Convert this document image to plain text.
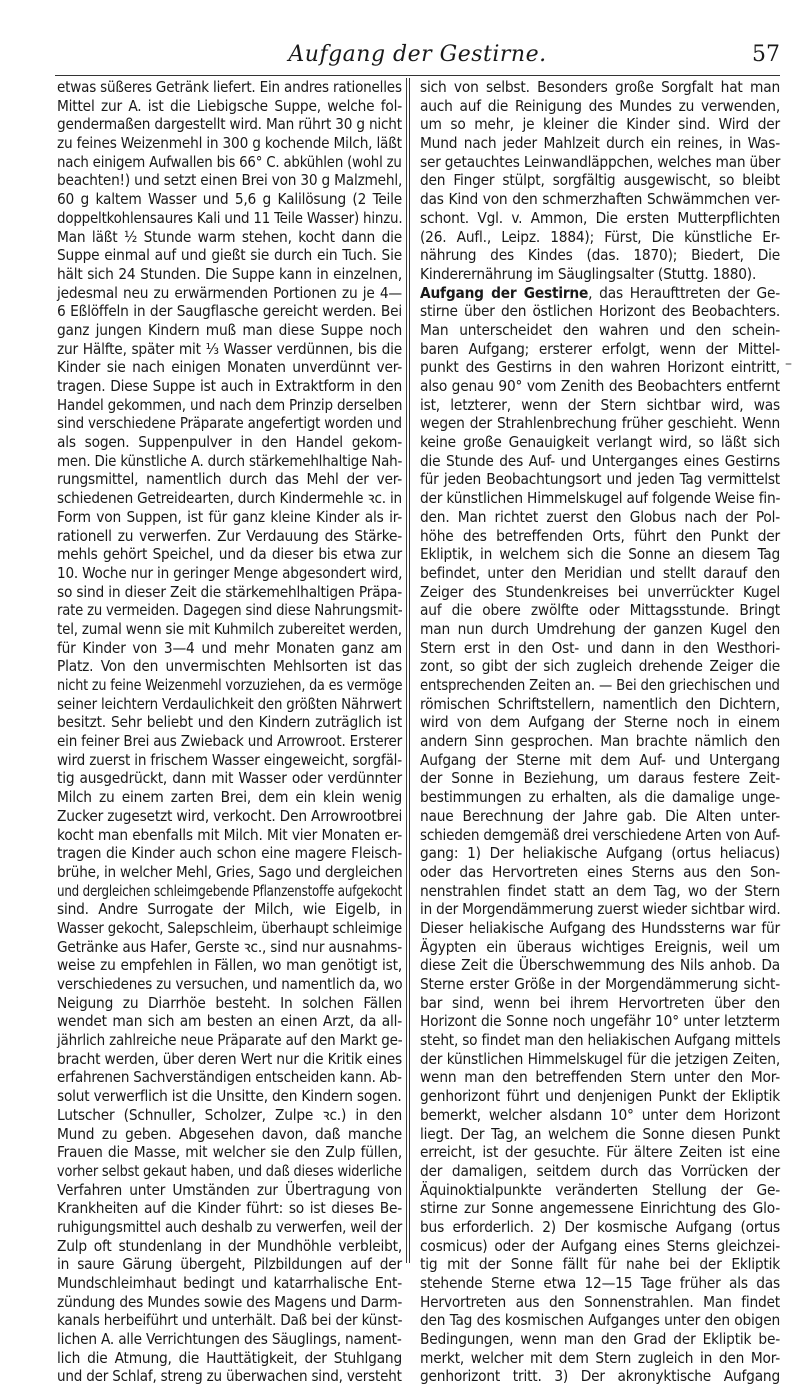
Aufgang der Gestirne.	57
etwas süßeres Getränk liefert. Ein andres rationelles
Mittel zur A. ist die Liebigsche Suppe, welche fol-
gendermaßen dargestellt wird. Man rührt 30 g nicht
zu feines Weizenmehl in 300 g kochende Milch, läßt
nach einigem Aufwallen bis 66° C. abkühlen (wohl zu
beachten!) und setzt einen Brei von 30 g Malzmehl,
60 g kaltem Wasser und 5,6 g Kalilösung (2 Teile
doppeltkohlensaures Kali und 11 Teile Wasser) hinzu.
Man läßt ½ Stunde warm stehen, kocht dann die
Suppe einmal auf und gießt sie durch ein Tuch. Sie
hält sich 24 Stunden. Die Suppe kann in einzelnen,
jedesmal neu zu erwärmenden Portionen zu je 4—
6 Eßlöffeln in der Saugflasche gereicht werden. Bei
ganz jungen Kindern muß man diese Suppe noch
zur Hälfte, später mit ⅓ Wasser verdünnen, bis die
Kinder sie nach einigen Monaten unverdünnt ver-
tragen. Diese Suppe ist auch in Extraktform in den
Handel gekommen, und nach dem Prinzip derselben
sind verschiedene Präparate angefertigt worden und
als sogen. Suppenpulver in den Handel gekom-
men. Die künstliche A. durch stärkemehlhaltige Nah-
rungsmittel, namentlich durch das Mehl der ver-
schiedenen Getreidearten, durch Kindermehle ꝛc. in
Form von Suppen, ist für ganz kleine Kinder als ir-
rationell zu verwerfen. Zur Verdauung des Stärke-
mehls gehört Speichel, und da dieser bis etwa zur
10. Woche nur in geringer Menge abgesondert wird,
so sind in dieser Zeit die stärkemehlhaltigen Präpa-
rate zu vermeiden. Dagegen sind diese Nahrungsmit-
tel, zumal wenn sie mit Kuhmilch zubereitet werden,
für Kinder von 3—4 und mehr Monaten ganz am
Platz. Von den unvermischten Mehlsorten ist das
nicht zu feine Weizenmehl vorzuziehen, da es vermöge
seiner leichtern Verdaulichkeit den größten Nährwert
besitzt. Sehr beliebt und den Kindern zuträglich ist
ein feiner Brei aus Zwieback und Arrowroot. Ersterer
wird zuerst in frischem Wasser eingeweicht, sorgfäl-
tig ausgedrückt, dann mit Wasser oder verdünnter
Milch zu einem zarten Brei, dem ein klein wenig
Zucker zugesetzt wird, verkocht. Den Arrowrootbrei
kocht man ebenfalls mit Milch. Mit vier Monaten er-
tragen die Kinder auch schon eine magere Fleisch-
brühe, in welcher Mehl, Gries, Sago und dergleichen
und dergleichen schleimgebende Pflanzenstoffe aufgekocht
sind. Andre Surrogate der Milch, wie Eigelb, in
Wasser gekocht, Salepschleim, überhaupt schleimige
Getränke aus Hafer, Gerste ꝛc., sind nur ausnahms-
weise zu empfehlen in Fällen, wo man genötigt ist,
verschiedenes zu versuchen, und namentlich da, wo
Neigung zu Diarrhöe besteht. In solchen Fällen
wendet man sich am besten an einen Arzt, da all-
jährlich zahlreiche neue Präparate auf den Markt ge-
bracht werden, über deren Wert nur die Kritik eines
erfahrenen Sachverständigen entscheiden kann. Ab-
solut verwerflich ist die Unsitte, den Kindern sogen.
Lutscher (Schnuller, Scholzer, Zulpe ꝛc.) in den
Mund zu geben. Abgesehen davon, daß manche
Frauen die Masse, mit welcher sie den Zulp füllen,
vorher selbst gekaut haben, und daß dieses widerliche
Verfahren unter Umständen zur Übertragung von
Krankheiten auf die Kinder führt: so ist dieses Be-
ruhigungsmittel auch deshalb zu verwerfen, weil der
Zulp oft stundenlang in der Mundhöhle verbleibt,
in saure Gärung übergeht, Pilzbildungen auf der
Mundschleimhaut bedingt und katarrhalische Ent-
zündung des Mundes sowie des Magens und Darm-
kanals herbeiführt und unterhält. Daß bei der künst-
lichen A. alle Verrichtungen des Säuglings, nament-
lich die Atmung, die Hauttätigkeit, der Stuhlgang
und der Schlaf, streng zu überwachen sind, versteht
sich von selbst. Besonders große Sorgfalt hat man
auch auf die Reinigung des Mundes zu verwenden,
um so mehr, je kleiner die Kinder sind. Wird der
Mund nach jeder Mahlzeit durch ein reines, in Was-
ser getauchtes Leinwandläppchen, welches man über
den Finger stülpt, sorgfältig ausgewischt, so bleibt
das Kind von den schmerzhaften Schwämmchen ver-
schont. Vgl. v. Ammon, Die ersten Mutterpflichten
(26. Aufl., Leipz. 1884); Fürst, Die künstliche Er-
nährung des Kindes (das. 1870); Biedert, Die
Kinderernährung im Säuglingsalter (Stuttg. 1880).
Aufgang der Gestirne, das Heraufttreten der Ge-
stirne über den östlichen Horizont des Beobachters.
Man unterscheidet den wahren und den schein-
baren Aufgang; ersterer erfolgt, wenn der Mittel-
punkt des Gestirns in den wahren Horizont eintritt,
also genau 90° vom Zenith des Beobachters entfernt
ist, letzterer, wenn der Stern sichtbar wird, was
wegen der Strahlenbrechung früher geschieht. Wenn
keine große Genauigkeit verlangt wird, so läßt sich
die Stunde des Auf- und Unterganges eines Gestirns
für jeden Beobachtungsort und jeden Tag vermittelst
der künstlichen Himmelskugel auf folgende Weise fin-
den. Man richtet zuerst den Globus nach der Pol-
höhe des betreffenden Orts, führt den Punkt der
Ekliptik, in welchem sich die Sonne an diesem Tag
befindet, unter den Meridian und stellt darauf den
Zeiger des Stundenkreises bei unverrückter Kugel
auf die obere zwölfte oder Mittagsstunde. Bringt
man nun durch Umdrehung der ganzen Kugel den
Stern erst in den Ost- und dann in den Westhori-
zont, so gibt der sich zugleich drehende Zeiger die
entsprechenden Zeiten an. — Bei den griechischen und
römischen Schriftstellern, namentlich den Dichtern,
wird von dem Aufgang der Sterne noch in einem
andern Sinn gesprochen. Man brachte nämlich den
Aufgang der Sterne mit dem Auf- und Untergang
der Sonne in Beziehung, um daraus festere Zeit-
bestimmungen zu erhalten, als die damalige unge-
naue Berechnung der Jahre gab. Die Alten unter-
schieden demgemäß drei verschiedene Arten von Auf-
gang: 1) Der heliakische Aufgang (ortus heliacus)
oder das Hervortreten eines Sterns aus den Son-
nenstrahlen findet statt an dem Tag, wo der Stern
in der Morgendämmerung zuerst wieder sichtbar wird.
Dieser heliakische Aufgang des Hundssterns war für
Ägypten ein überaus wichtiges Ereignis, weil um
diese Zeit die Überschwemmung des Nils anhob. Da
Sterne erster Größe in der Morgendämmerung sicht-
bar sind, wenn bei ihrem Hervortreten über den
Horizont die Sonne noch ungefähr 10° unter letzterm
steht, so findet man den heliakischen Aufgang mittels
der künstlichen Himmelskugel für die jetzigen Zeiten,
wenn man den betreffenden Stern unter den Mor-
genhorizont führt und denjenigen Punkt der Ekliptik
bemerkt, welcher alsdann 10° unter dem Horizont
liegt. Der Tag, an welchem die Sonne diesen Punkt
erreicht, ist der gesuchte. Für ältere Zeiten ist eine
der damaligen, seitdem durch das Vorrücken der
Äquinoktialpunkte veränderten Stellung der Ge-
stirne zur Sonne angemessene Einrichtung des Glo-
bus erforderlich. 2) Der kosmische Aufgang (ortus
cosmicus) oder der Aufgang eines Sterns gleichzei-
tig mit der Sonne fällt für nahe bei der Ekliptik
stehende Sterne etwa 12—15 Tage früher als das
Hervortreten aus den Sonnenstrahlen. Man findet
den Tag des kosmischen Aufganges unter den obigen
Bedingungen, wenn man den Grad der Ekliptik be-
merkt, welcher mit dem Stern zugleich in den Mor-
genhorizont tritt. 3) Der akronyktische Aufgang
–
